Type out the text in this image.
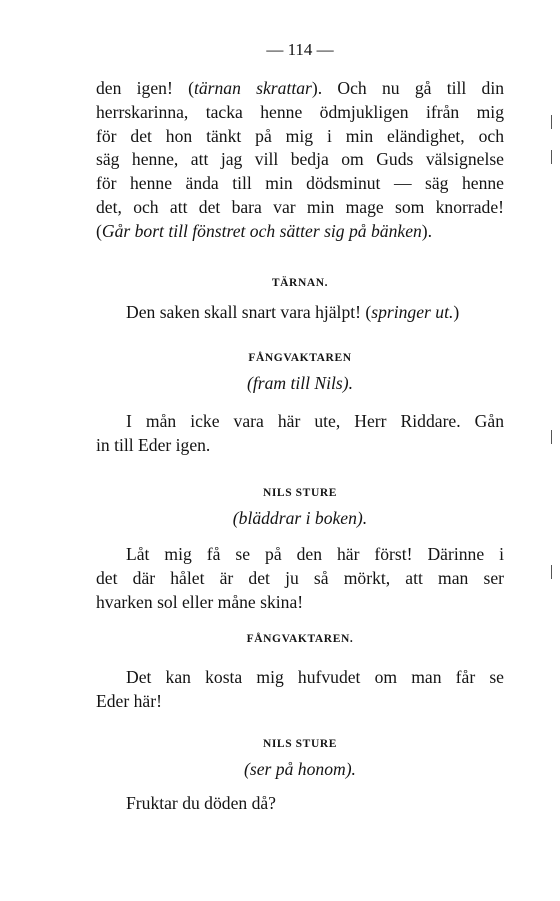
— 114 —
den igen! (tärnan skrattar). Och nu gå till din
herrskarinna, tacka henne ödmjukligen ifrån mig
för det hon tänkt på mig i min eländighet, och
säg henne, att jag vill bedja om Guds välsignelse
för henne ända till min dödsminut — säg henne
det, och att det bara var min mage som knorrade!
(Går bort till fönstret och sätter sig på bänken).
TÄRNAN.
Den saken skall snart vara hjälpt! (springer ut.)
FÅNGVAKTAREN
(fram till Nils).
I mån icke vara här ute, Herr Riddare. Gån
in till Eder igen.
NILS STURE
(bläddrar i boken).
Låt mig få se på den här först! Därinne i
det där hålet är det ju så mörkt, att man ser
hvarken sol eller måne skina!
FÅNGVAKTAREN.
Det kan kosta mig hufvudet om man får se
Eder här!
NILS STURE
(ser på honom).
Fruktar du döden då?
